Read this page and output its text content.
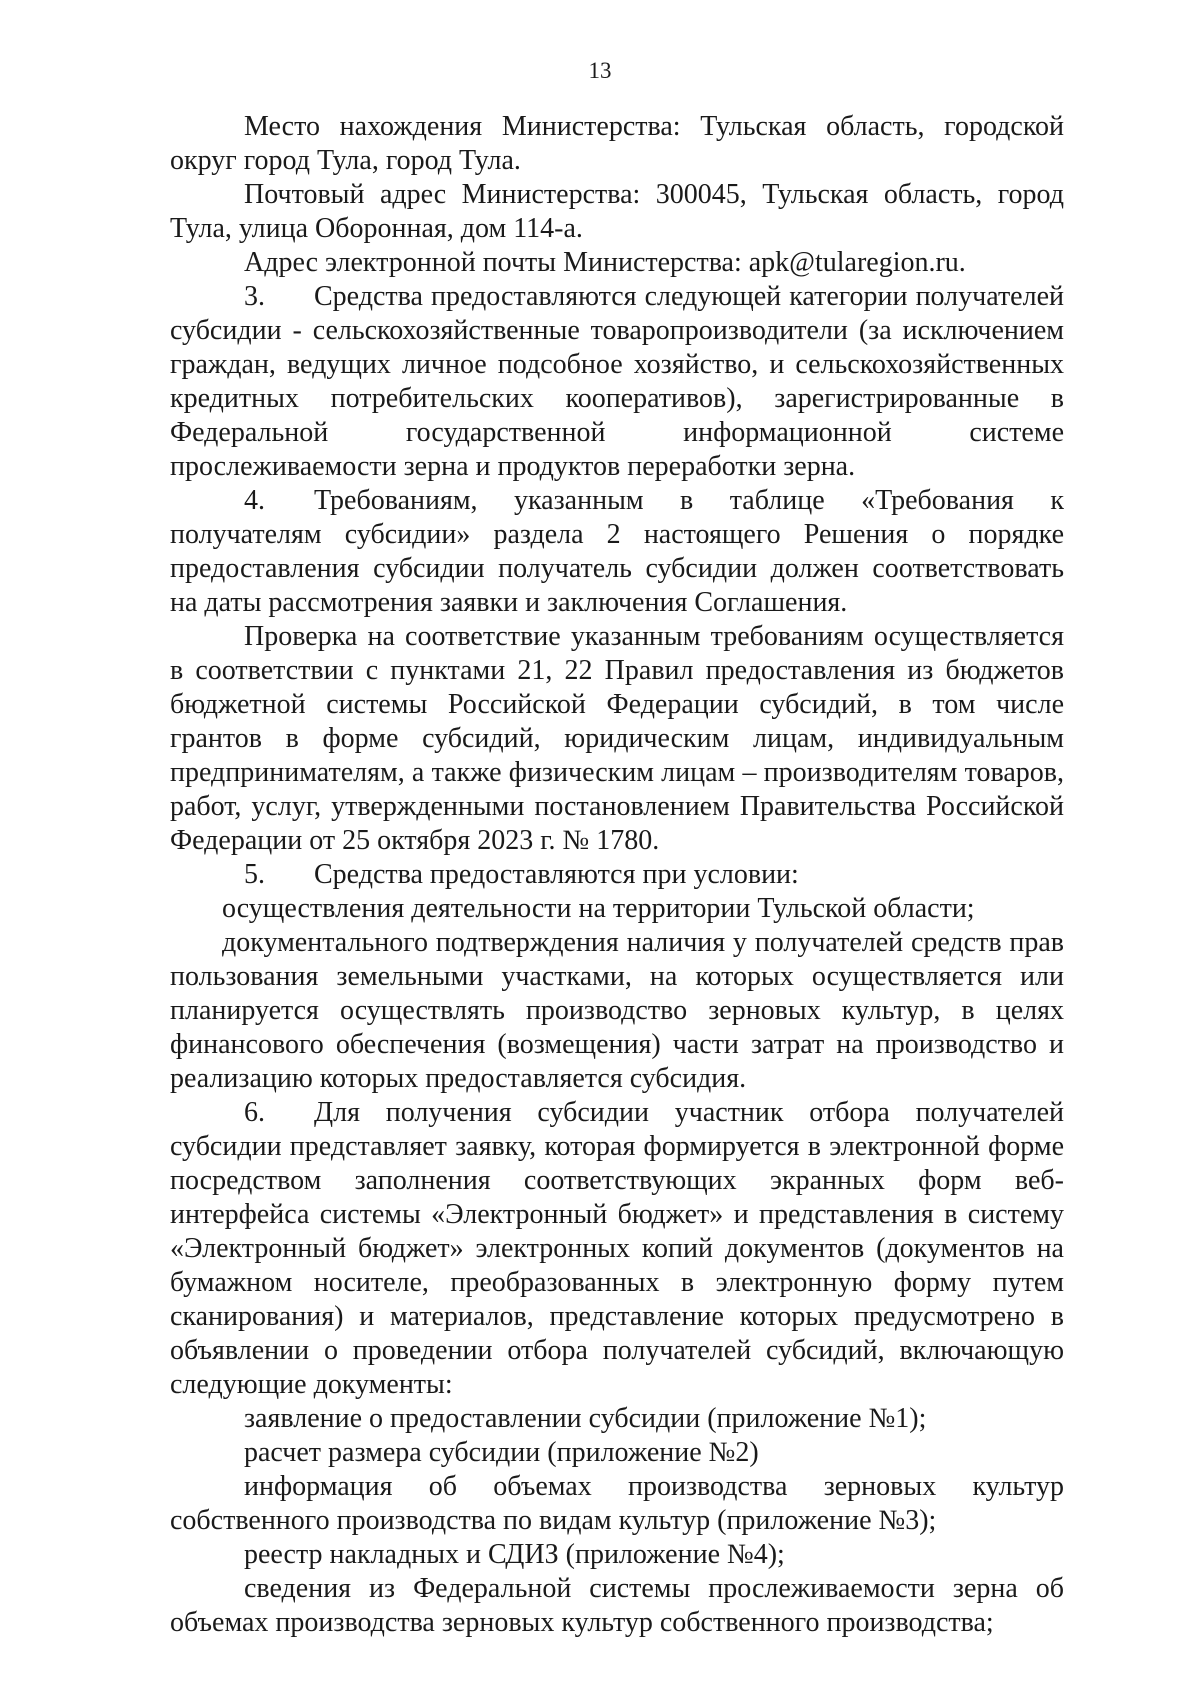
13

Место нахождения Министерства: Тульская область, городской округ город Тула, город Тула.

Почтовый адрес Министерства: 300045, Тульская область, город Тула, улица Оборонная, дом 114-а.

Адрес электронной почты Министерства: apk@tularegion.ru.

3. Средства предоставляются следующей категории получателей субсидии - сельскохозяйственные товаропроизводители (за исключением граждан, ведущих личное подсобное хозяйство, и сельскохозяйственных кредитных потребительских кооперативов), зарегистрированные в Федеральной государственной информационной системе прослеживаемости зерна и продуктов переработки зерна.

4. Требованиям, указанным в таблице «Требования к получателям субсидии» раздела 2 настоящего Решения о порядке предоставления субсидии получатель субсидии должен соответствовать на даты рассмотрения заявки и заключения Соглашения.

Проверка на соответствие указанным требованиям осуществляется в соответствии с пунктами 21, 22 Правил предоставления из бюджетов бюджетной системы Российской Федерации субсидий, в том числе грантов в форме субсидий, юридическим лицам, индивидуальным предпринимателям, а также физическим лицам – производителям товаров, работ, услуг, утвержденными постановлением Правительства Российской Федерации от 25 октября 2023 г. № 1780.

5. Средства предоставляются при условии:

осуществления деятельности на территории Тульской области;

документального подтверждения наличия у получателей средств прав пользования земельными участками, на которых осуществляется или планируется осуществлять производство зерновых культур, в целях финансового обеспечения (возмещения) части затрат на производство и реализацию которых предоставляется субсидия.

6. Для получения субсидии участник отбора получателей субсидии представляет заявку, которая формируется в электронной форме посредством заполнения соответствующих экранных форм веб-интерфейса системы «Электронный бюджет» и представления в систему «Электронный бюджет» электронных копий документов (документов на бумажном носителе, преобразованных в электронную форму путем сканирования) и материалов, представление которых предусмотрено в объявлении о проведении отбора получателей субсидий, включающую следующие документы:

заявление о предоставлении субсидии (приложение №1);

расчет размера субсидии (приложение №2)

информация об объемах производства зерновых культур собственного производства по видам культур (приложение №3);

реестр накладных и СДИЗ (приложение №4);

сведения из Федеральной системы прослеживаемости зерна об объемах производства зерновых культур собственного производства;
